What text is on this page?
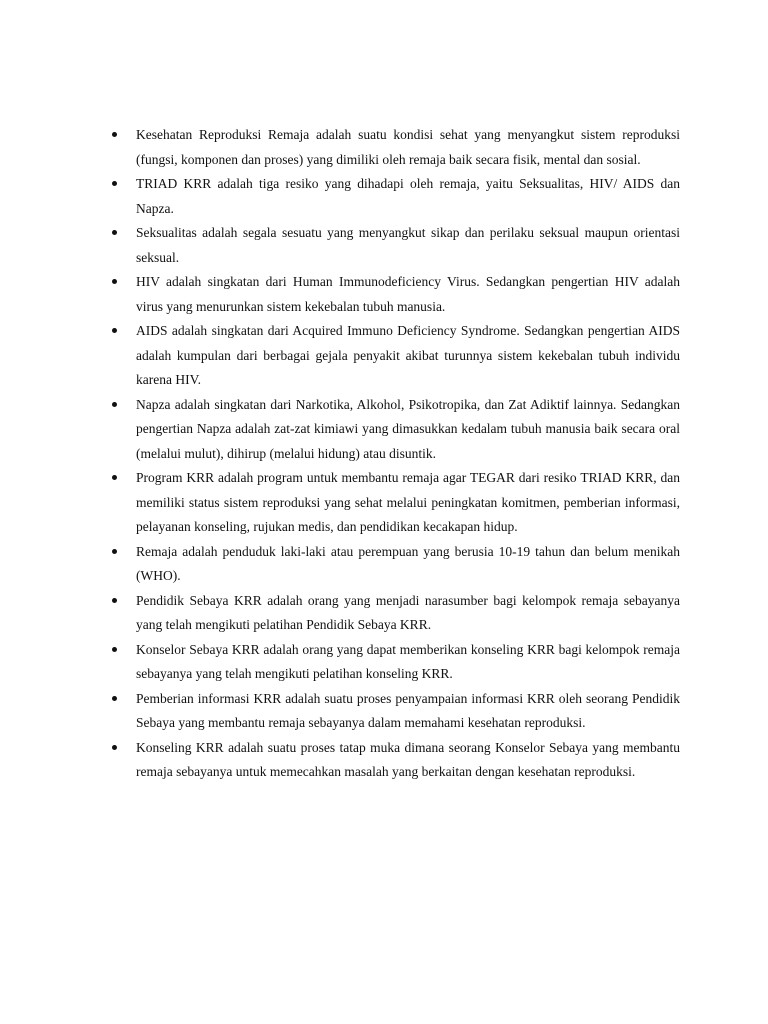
Kesehatan Reproduksi Remaja adalah suatu kondisi sehat yang menyangkut sistem reproduksi (fungsi, komponen dan proses) yang dimiliki oleh remaja baik secara fisik, mental dan sosial.
TRIAD KRR adalah tiga resiko yang dihadapi oleh remaja, yaitu Seksualitas, HIV/ AIDS dan Napza.
Seksualitas adalah segala sesuatu yang menyangkut sikap dan perilaku seksual maupun orientasi seksual.
HIV adalah singkatan dari Human Immunodeficiency Virus. Sedangkan pengertian HIV adalah virus yang menurunkan sistem kekebalan tubuh manusia.
AIDS adalah singkatan dari Acquired Immuno Deficiency Syndrome. Sedangkan pengertian AIDS adalah kumpulan dari berbagai gejala penyakit akibat turunnya sistem kekebalan tubuh individu karena HIV.
Napza adalah singkatan dari Narkotika, Alkohol, Psikotropika, dan Zat Adiktif lainnya. Sedangkan pengertian Napza adalah zat-zat kimiawi yang dimasukkan kedalam tubuh manusia baik secara oral (melalui mulut), dihirup (melalui hidung) atau disuntik.
Program KRR adalah program untuk membantu remaja agar TEGAR dari resiko TRIAD KRR, dan memiliki status sistem reproduksi yang sehat melalui peningkatan komitmen, pemberian informasi, pelayanan konseling, rujukan medis, dan pendidikan kecakapan hidup.
Remaja adalah penduduk laki-laki atau perempuan yang berusia 10-19 tahun dan belum menikah (WHO).
Pendidik Sebaya KRR adalah orang yang menjadi narasumber bagi kelompok remaja sebayanya yang telah mengikuti pelatihan Pendidik Sebaya KRR.
Konselor Sebaya KRR adalah orang yang dapat memberikan konseling KRR bagi kelompok remaja sebayanya yang telah mengikuti pelatihan konseling KRR.
Pemberian informasi KRR adalah suatu proses penyampaian informasi KRR oleh seorang Pendidik Sebaya yang membantu remaja sebayanya dalam memahami kesehatan reproduksi.
Konseling KRR adalah suatu proses tatap muka dimana seorang Konselor Sebaya yang membantu remaja sebayanya untuk memecahkan masalah yang berkaitan dengan kesehatan reproduksi.
